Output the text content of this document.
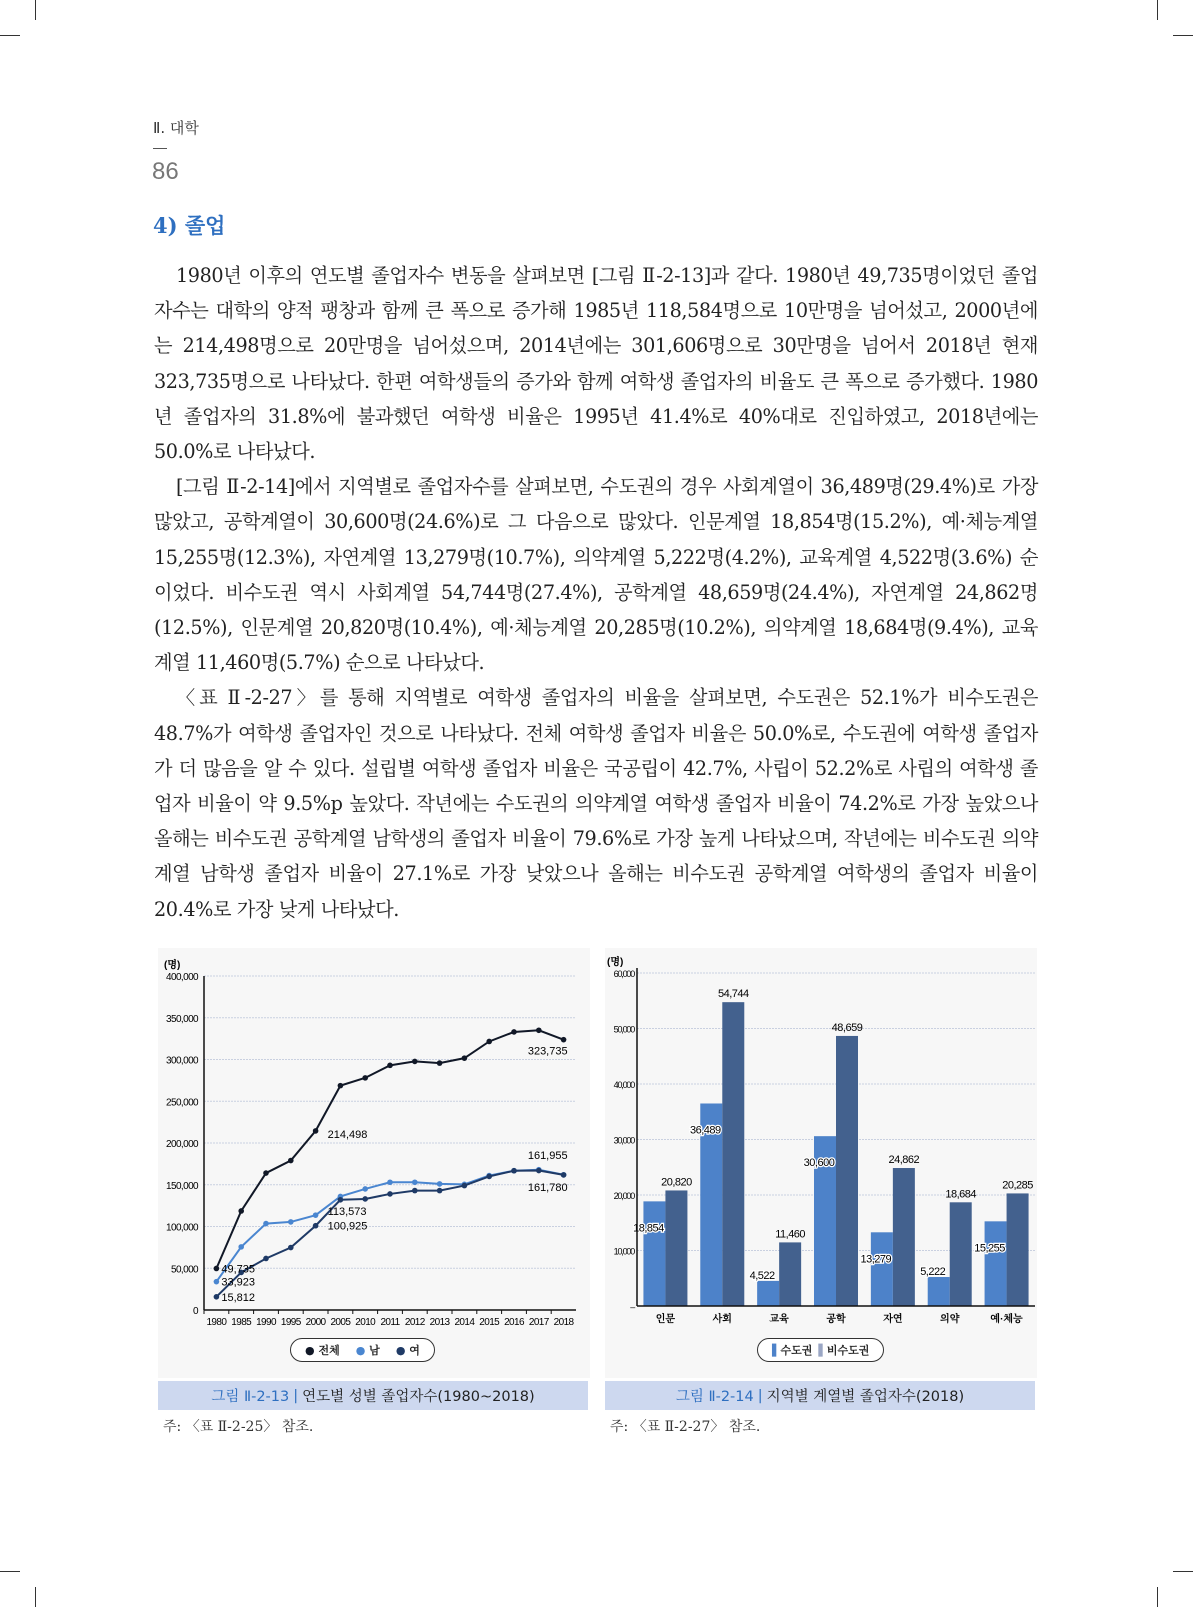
Ⅱ. 대학
86
4) 졸업

1980년 이후의 연도별 졸업자수 변동을 살펴보면 [그림 Ⅱ-2-13]과 같다. 1980년 49,735명이었던 졸업자수는 대학의 양적 팽창과 함께 큰 폭으로 증가해 1985년 118,584명으로 10만명을 넘어섰고, 2000년에는 214,498명으로 20만명을 넘어섰으며, 2014년에는 301,606명으로 30만명을 넘어서 2018년 현재 323,735명으로 나타났다. 한편 여학생들의 증가와 함께 여학생 졸업자의 비율도 큰 폭으로 증가했다. 1980년 졸업자의 31.8%에 불과했던 여학생 비율은 1995년 41.4%로 40%대로 진입하였고, 2018년에는 50.0%로 나타났다.

[그림 Ⅱ-2-14]에서 지역별로 졸업자수를 살펴보면, 수도권의 경우 사회계열이 36,489명(29.4%)로 가장 많았고, 공학계열이 30,600명(24.6%)로 그 다음으로 많았다. 인문계열 18,854명(15.2%), 예·체능계열 15,255명(12.3%), 자연계열 13,279명(10.7%), 의약계열 5,222명(4.2%), 교육계열 4,522명(3.6%) 순이었다. 비수도권 역시 사회계열 54,744명(27.4%), 공학계열 48,659명(24.4%), 자연계열 24,862명(12.5%), 인문계열 20,820명(10.4%), 예·체능계열 20,285명(10.2%), 의약계열 18,684명(9.4%), 교육계열 11,460명(5.7%) 순으로 나타났다.

〈표 Ⅱ-2-27〉를 통해 지역별로 여학생 졸업자의 비율을 살펴보면, 수도권은 52.1%가 비수도권은 48.7%가 여학생 졸업자인 것으로 나타났다. 전체 여학생 졸업자 비율은 50.0%로, 수도권에 여학생 졸업자가 더 많음을 알 수 있다. 설립별 여학생 졸업자 비율은 국공립이 42.7%, 사립이 52.2%로 사립의 여학생 졸업자 비율이 약 9.5%p 높았다. 작년에는 수도권의 의약계열 여학생 졸업자 비율이 74.2%로 가장 높았으나 올해는 비수도권 공학계열 남학생의 졸업자 비율이 79.6%로 가장 높게 나타났으며, 작년에는 비수도권 의약계열 남학생 졸업자 비율이 27.1%로 가장 낮았으나 올해는 비수도권 공학계열 여학생의 졸업자 비율이 20.4%로 가장 낮게 나타났다.

(명)
0
50,000
100,000
150,000
200,000
250,000
300,000
350,000
400,000
1980 1985 1990 1995 2000 2005 2010 2011 2012 2013 2014 2015 2016 2017 2018
49,735
33,923
15,812
214,498
113,573
100,925
323,735
161,955
161,780
● 전체 ● 남 ● 여
그림 Ⅱ-2-13 | 연도별 성별 졸업자수(1980~2018)
주: 〈표 Ⅱ-2-25〉 참조.
(명)
–
10,000
20,000
30,000
40,000
50,000
60,000
18,854
20,820
인문
36,489
54,744
사회
4,522
11,460
교육
30,600
48,659
공학
13,279
24,862
자연
5,222
18,684
의약
15,255
20,285
예·체능
▌수도권 ▌비수도권
그림 Ⅱ-2-14 | 지역별 계열별 졸업자수(2018)
주: 〈표 Ⅱ-2-27〉 참조.
